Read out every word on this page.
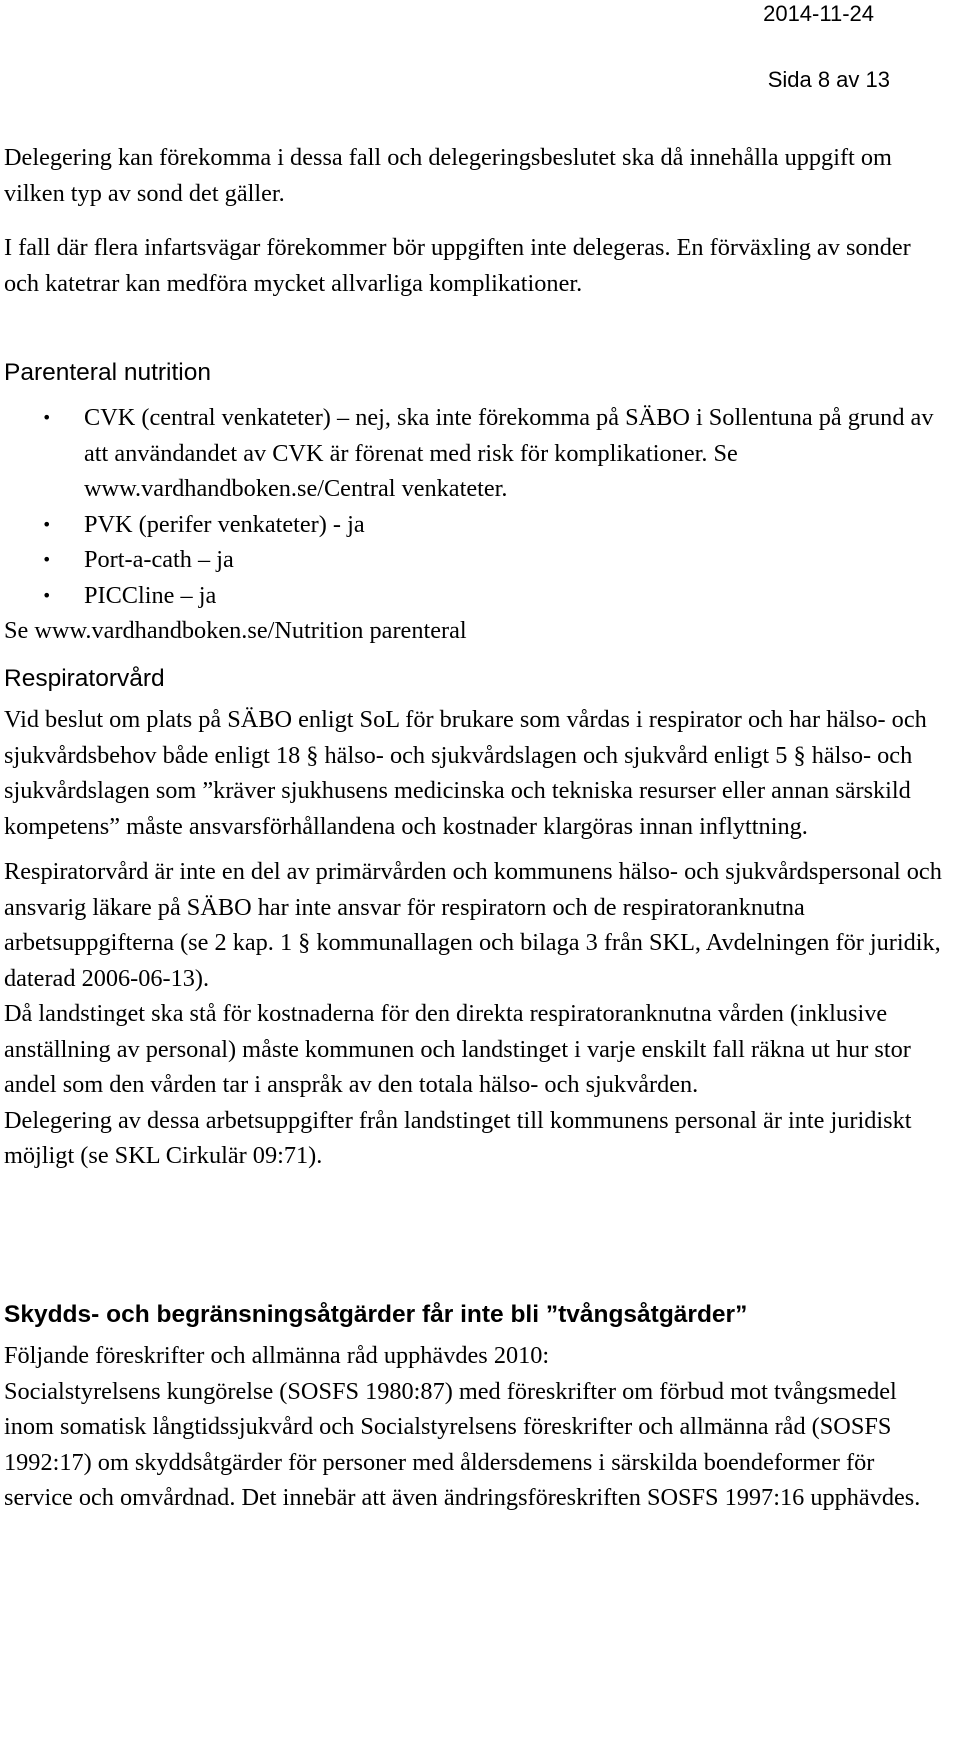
2014-11-24
Sida 8 av 13

Delegering kan förekomma i dessa fall och delegeringsbeslutet ska då innehålla uppgift om vilken typ av sond det gäller.

I fall där flera infartsvägar förekommer bör uppgiften inte delegeras. En förväxling av sonder och katetrar kan medföra mycket allvarliga komplikationer.

Parenteral nutrition
• CVK (central venkateter) – nej, ska inte förekomma på SÄBO i Sollentuna på grund av att användandet av CVK är förenat med risk för komplikationer. Se www.vardhandboken.se/Central venkateter.
• PVK (perifer venkateter) - ja
• Port-a-cath – ja
• PICCline – ja

Se www.vardhandboken.se/Nutrition parenteral

Respiratorvård

Vid beslut om plats på SÄBO enligt SoL för brukare som vårdas i respirator och har hälso- och sjukvårdsbehov både enligt 18 § hälso- och sjukvårdslagen och sjukvård enligt 5 § hälso- och sjukvårdslagen som ”kräver sjukhusens medicinska och tekniska resurser eller annan särskild kompetens” måste ansvarsförhållandena och kostnader klargöras innan inflyttning.

Respiratorvård är inte en del av primärvården och kommunens hälso- och sjukvårdspersonal och ansvarig läkare på SÄBO har inte ansvar för respiratorn och de respiratoranknutna arbetsuppgifterna (se 2 kap. 1 § kommunallagen och bilaga 3 från SKL, Avdelningen för juridik, daterad 2006-06-13).

Då landstinget ska stå för kostnaderna för den direkta respiratoranknutna vården (inklusive anställning av personal) måste kommunen och landstinget i varje enskilt fall räkna ut hur stor andel som den vården tar i anspråk av den totala hälso- och sjukvården.

Delegering av dessa arbetsuppgifter från landstinget till kommunens personal är inte juridiskt möjligt (se SKL Cirkulär 09:71).

Skydds- och begränsningsåtgärder får inte bli ”tvångsåtgärder”

Följande föreskrifter och allmänna råd upphävdes 2010:

Socialstyrelsens kungörelse (SOSFS 1980:87) med föreskrifter om förbud mot tvångsmedel inom somatisk långtidssjukvård och Socialstyrelsens föreskrifter och allmänna råd (SOSFS 1992:17) om skyddsåtgärder för personer med åldersdemens i särskilda boendeformer för service och omvårdnad. Det innebär att även ändringsföreskriften SOSFS 1997:16 upphävdes.
